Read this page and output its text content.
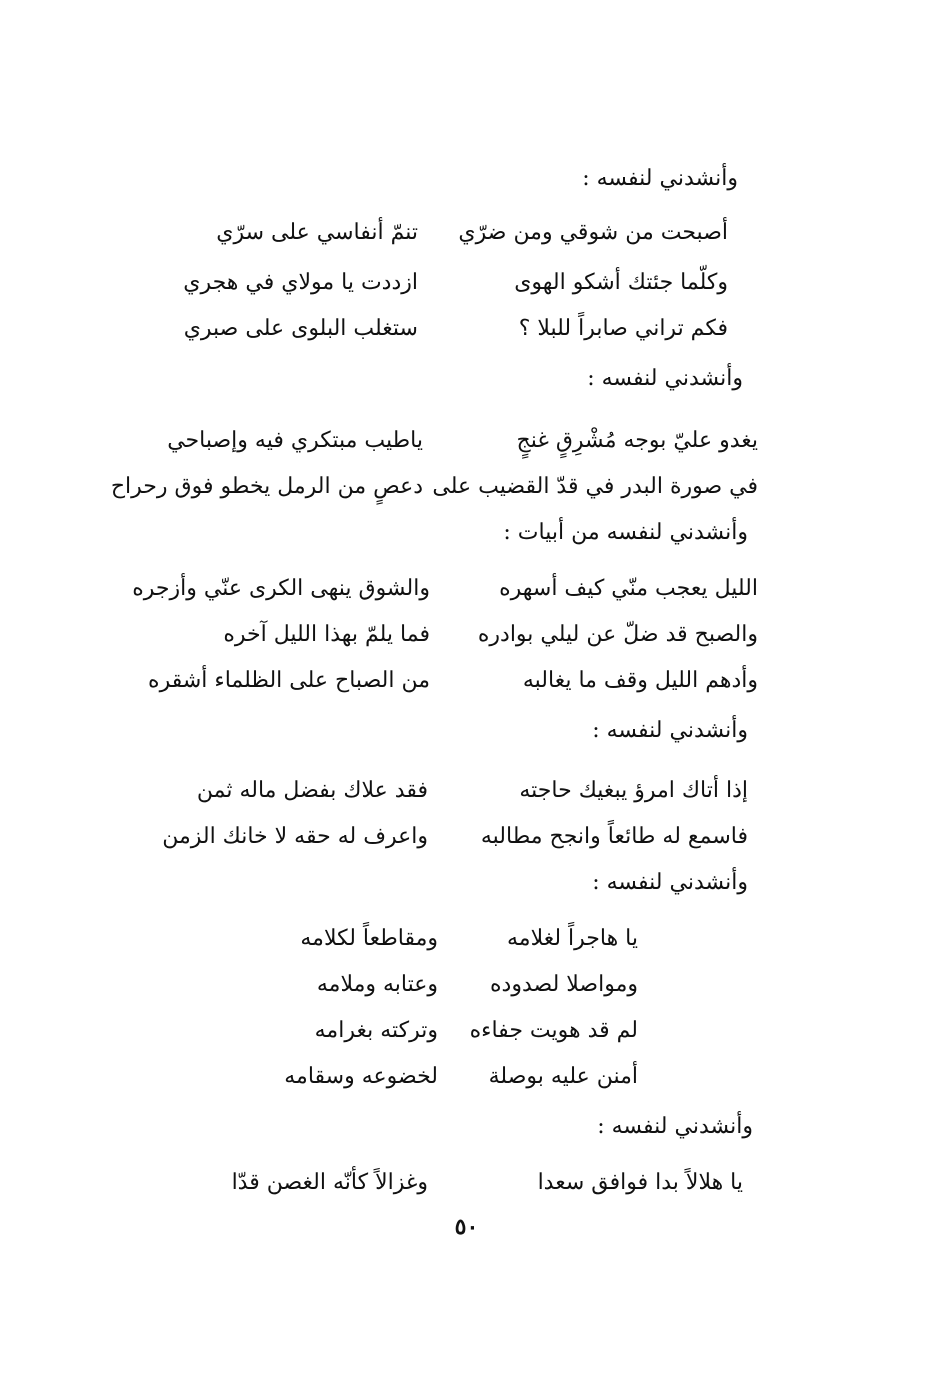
وأنشدني لنفسه :
أصبحت من شوقي ومن ضرّي
تنمّ أنفاسي على سرّي
وكلّما جئتك أشكو الهوى
ازددت يا مولاي في هجري
فكم تراني صابراً للبلا ؟
ستغلب البلوى على صبري
وأنشدني لنفسه :
يغدو عليّ بوجه مُشْرِقٍ غنجٍ
ياطيب مبتكري فيه وإصباحي
في صورة البدر في قدّ القضيب على
دعصٍ من الرمل يخطو فوق رحراح
وأنشدني لنفسه من أبيات :
الليل يعجب منّي كيف أسهره
والشوق ينهى الكرى عنّي وأزجره
والصبح قد ضلّ عن ليلي بوادره
فما يلمّ بهذا الليل آخره
وأدهم الليل وقف ما يغالبه
من الصباح على الظلماء أشقره
وأنشدني لنفسه :
إذا أتاك امرؤ يبغيك حاجته
فقد علاك بفضل ماله ثمن
فاسمع له طائعاً وانجح مطالبه
واعرف له حقه لا خانك الزمن
وأنشدني لنفسه :
يا هاجراً لغلامه
ومقاطعاً لكلامه
ومواصلا لصدوده
وعتابه وملامه
لم قد هويت جفاءه
وتركته بغرامه
أمنن عليه بوصلة
لخضوعه وسقامه
وأنشدني لنفسه :
يا هلالاً بدا فوافق سعدا
وغزالاً كأنّه الغصن قدّا
٥٠
